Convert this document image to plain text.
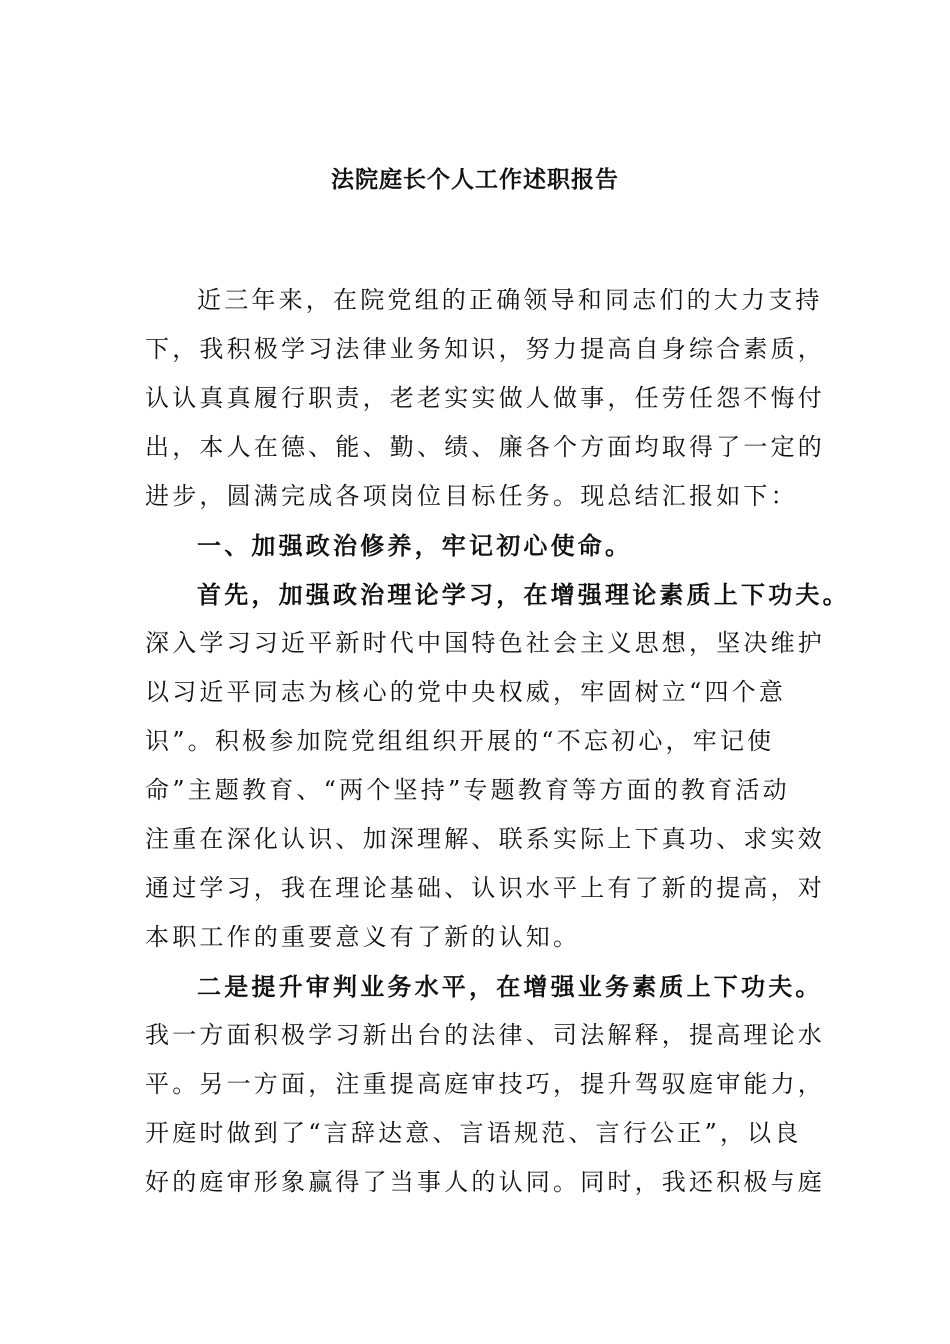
法院庭长个人工作述职报告
近三年来，在院党组的正确领导和同志们的大力支持
下，我积极学习法律业务知识，努力提高自身综合素质，
认认真真履行职责，老老实实做人做事，任劳任怨不悔付
出，本人在德、能、勤、绩、廉各个方面均取得了一定的
进步，圆满完成各项岗位目标任务。现总结汇报如下：
一、加强政治修养，牢记初心使命。
首先，加强政治理论学习，在增强理论素质上下功夫。
深入学习习近平新时代中国特色社会主义思想，坚决维护
以习近平同志为核心的党中央权威，牢固树立“四个意
识”。积极参加院党组组织开展的“不忘初心，牢记使
命”主题教育、“两个坚持”专题教育等方面的教育活动
注重在深化认识、加深理解、联系实际上下真功、求实效
通过学习，我在理论基础、认识水平上有了新的提高，对
本职工作的重要意义有了新的认知。
二是提升审判业务水平，在增强业务素质上下功夫。
我一方面积极学习新出台的法律、司法解释，提高理论水
平。另一方面，注重提高庭审技巧，提升驾驭庭审能力，
开庭时做到了“言辞达意、言语规范、言行公正”，以良
好的庭审形象赢得了当事人的认同。同时，我还积极与庭
